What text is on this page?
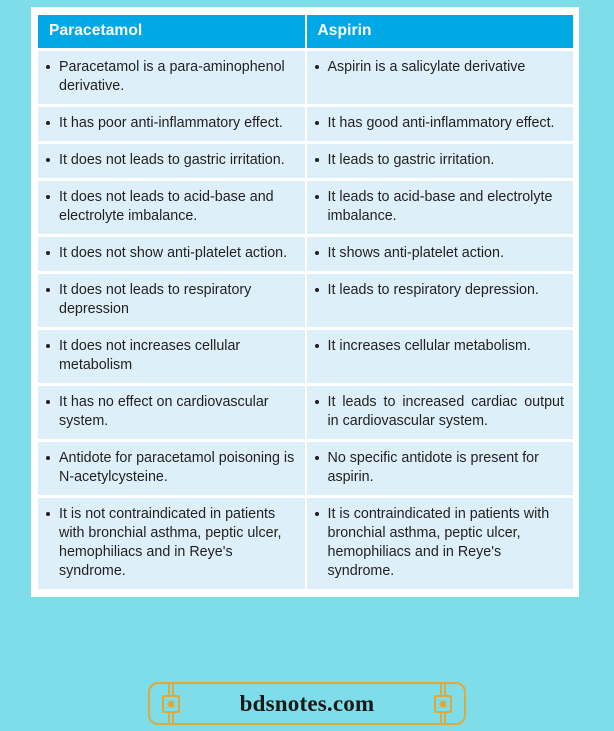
Paracetamol	Aspirin

Paracetamol is a para-aminophenol derivative.	Aspirin is a salicylate derivative

It has poor anti-inflammatory effect.	It has good anti-inflammatory effect.

It does not leads to gastric irritation.	It leads to gastric irritation.

It does not leads to acid-base and electrolyte imbalance.	It leads to acid-base and electrolyte imbalance.

It does not show anti-platelet action.	It shows anti-platelet action.

It does not leads to respiratory depression	It leads to respiratory depression.

It does not increases cellular metabolism	It increases cellular metabolism.

It has no effect on cardiovascular system.	It leads to increased cardiac output in cardiovascular system.

Antidote for paracetamol poisoning is N-acetylcysteine.	No specific antidote is present for aspirin.

It is not contraindicated in patients with bronchial asthma, peptic ulcer, hemophiliacs and in Reye's syndrome.	It is contraindicated in patients with bronchial asthma, peptic ulcer, hemophiliacs and in Reye's syndrome.
bdsnotes.com
